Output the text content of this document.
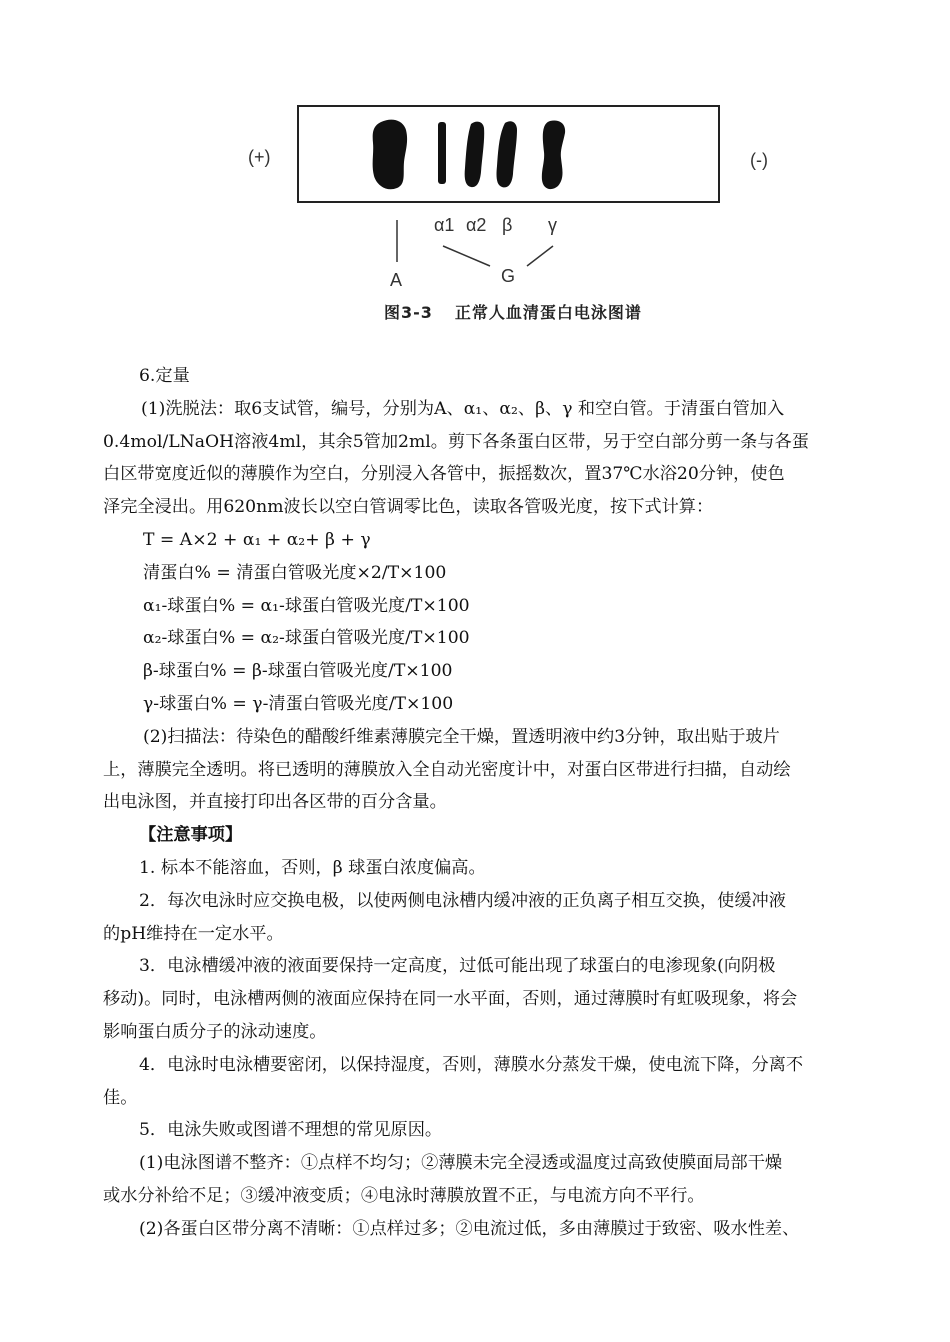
(+)	(-)
α1 α2 β γ
A	G
图3-3 正常人血清蛋白电泳图谱
6.定量
(1)洗脱法：取6支试管，编号，分别为A、α₁、α₂、β、γ 和空白管。于清蛋白管加入
0.4mol/LNaOH溶液4ml，其余5管加2ml。剪下各条蛋白区带，另于空白部分剪一条与各蛋
白区带宽度近似的薄膜作为空白，分别浸入各管中，振摇数次，置37℃水浴20分钟，使色
泽完全浸出。用620nm波长以空白管调零比色，读取各管吸光度，按下式计算：
T = A×2 + α₁ + α₂+ β + γ
清蛋白% = 清蛋白管吸光度×2/T×100
α₁-球蛋白% = α₁-球蛋白管吸光度/T×100
α₂-球蛋白% = α₂-球蛋白管吸光度/T×100
β-球蛋白% = β-球蛋白管吸光度/T×100
γ-球蛋白% = γ-清蛋白管吸光度/T×100
(2)扫描法：待染色的醋酸纤维素薄膜完全干燥，置透明液中约3分钟，取出贴于玻片
上，薄膜完全透明。将已透明的薄膜放入全自动光密度计中，对蛋白区带进行扫描，自动绘
出电泳图，并直接打印出各区带的百分含量。
【注意事项】
1. 标本不能溶血，否则，β 球蛋白浓度偏高。
2．每次电泳时应交换电极，以使两侧电泳槽内缓冲液的正负离子相互交换，使缓冲液
的pH维持在一定水平。
3．电泳槽缓冲液的液面要保持一定高度，过低可能出现了球蛋白的电渗现象(向阴极
移动)。同时，电泳槽两侧的液面应保持在同一水平面，否则，通过薄膜时有虹吸现象，将会
影响蛋白质分子的泳动速度。
4．电泳时电泳槽要密闭，以保持湿度，否则，薄膜水分蒸发干燥，使电流下降，分离不
佳。
5．电泳失败或图谱不理想的常见原因。
(1)电泳图谱不整齐：①点样不均匀；②薄膜未完全浸透或温度过高致使膜面局部干燥
或水分补给不足；③缓冲液变质；④电泳时薄膜放置不正，与电流方向不平行。
(2)各蛋白区带分离不清晰：①点样过多；②电流过低，多由薄膜过于致密、吸水性差、
